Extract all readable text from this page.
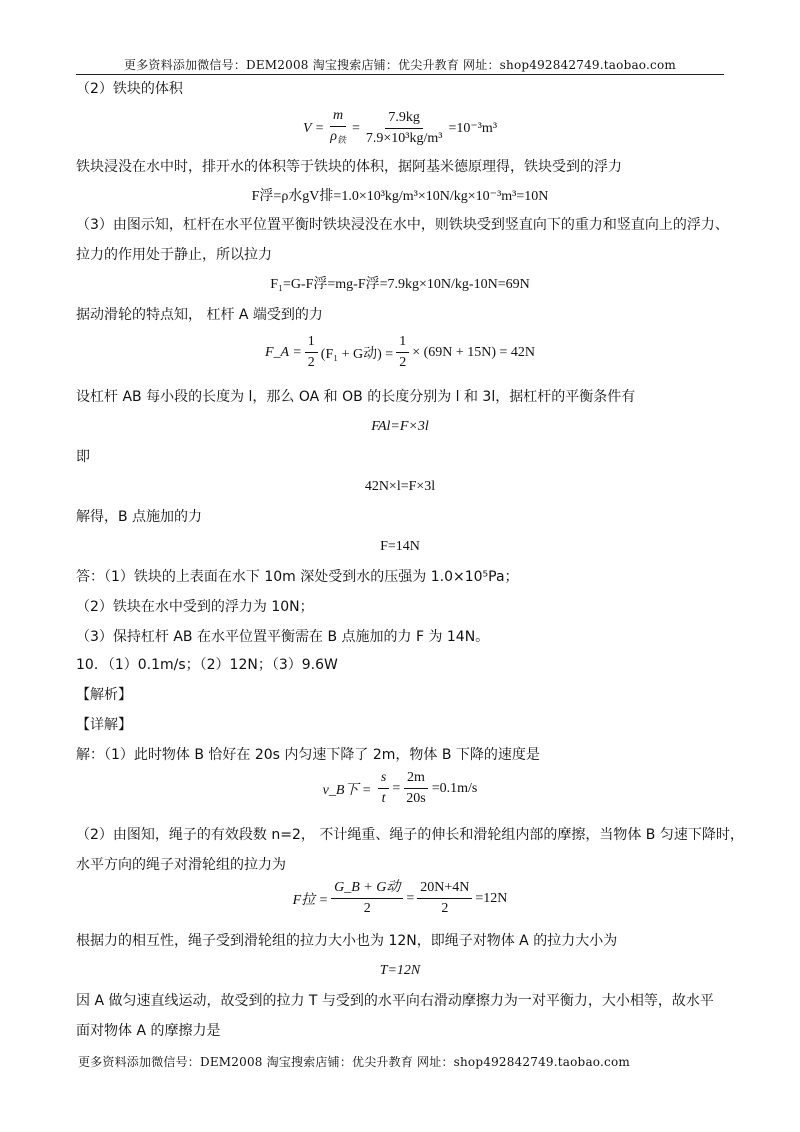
更多资料添加微信号：DEM2008 淘宝搜索店铺：优尖升教育 网址：shop492842749.taobao.com
（2）铁块的体积
$V = \frac{m}{\rho_铁} = \frac{7.9kg}{\text{7.9×10³kg/m³}} =10^{-3}m^3$
铁块浸没在水中时，排开水的体积等于铁块的体积，据阿基米德原理得，铁块受到的浮力
F浮=ρ水gV排=1.0×10³kg/m³×10N/kg×10⁻³m³=10N
（3）由图示知，杠杆在水平位置平衡时铁块浸没在水中，则铁块受到竖直向下的重力和竖直向上的浮力、
拉力的作用处于静止，所以拉力
F₁=G-F浮=mg-F浮=7.9kg×10N/kg-10N=69N
据动滑轮的特点知， 杠杆 A 端受到的力
F_A = $\frac{1}{2} (F_1 + G$动) = $\frac{1}{2} \times (69N + 15N) = 42N$
设杠杆 AB 每小段的长度为 l，那么 OA 和 OB 的长度分别为 l 和 3l，据杠杆的平衡条件有
FAl=F×3l
即
42N×l=F×3l
解得，B 点施加的力
F=14N
答：（1）铁块的上表面在水下 10m 深处受到水的压强为 1.0×10⁵Pa；
（2）铁块在水中受到的浮力为 10N；
（3）保持杠杆 AB 在水平位置平衡需在 B 点施加的力 F 为 14N。
10．（1）0.1m/s；（2）12N；（3）9.6W
【解析】
【详解】
解：（1）此时物体 B 恰好在 20s 内匀速下降了 2m，物体 B 下降的速度是
v_B下 =
$\frac{s}{t} = \frac{2m}{20s} =0.1m/s$
（2）由图知，绳子的有效段数 n=2， 不计绳重、绳子的伸长和滑轮组内部的摩擦，当物体 B 匀速下降时，
水平方向的绳子对滑轮组的拉力为
F拉 = $\frac{\text{G\_B + G动}}{2} = \frac{20N+4N}{2} =12N$
根据力的相互性，绳子受到滑轮组的拉力大小也为 12N，即绳子对物体 A 的拉力大小为
T=12N
因 A 做匀速直线运动，故受到的拉力 T 与受到的水平向右滑动摩擦力为一对平衡力，大小相等，故水平
面对物体 A 的摩擦力是
更多资料添加微信号：DEM2008 淘宝搜索店铺：优尖升教育 网址：shop492842749.taobao.com
